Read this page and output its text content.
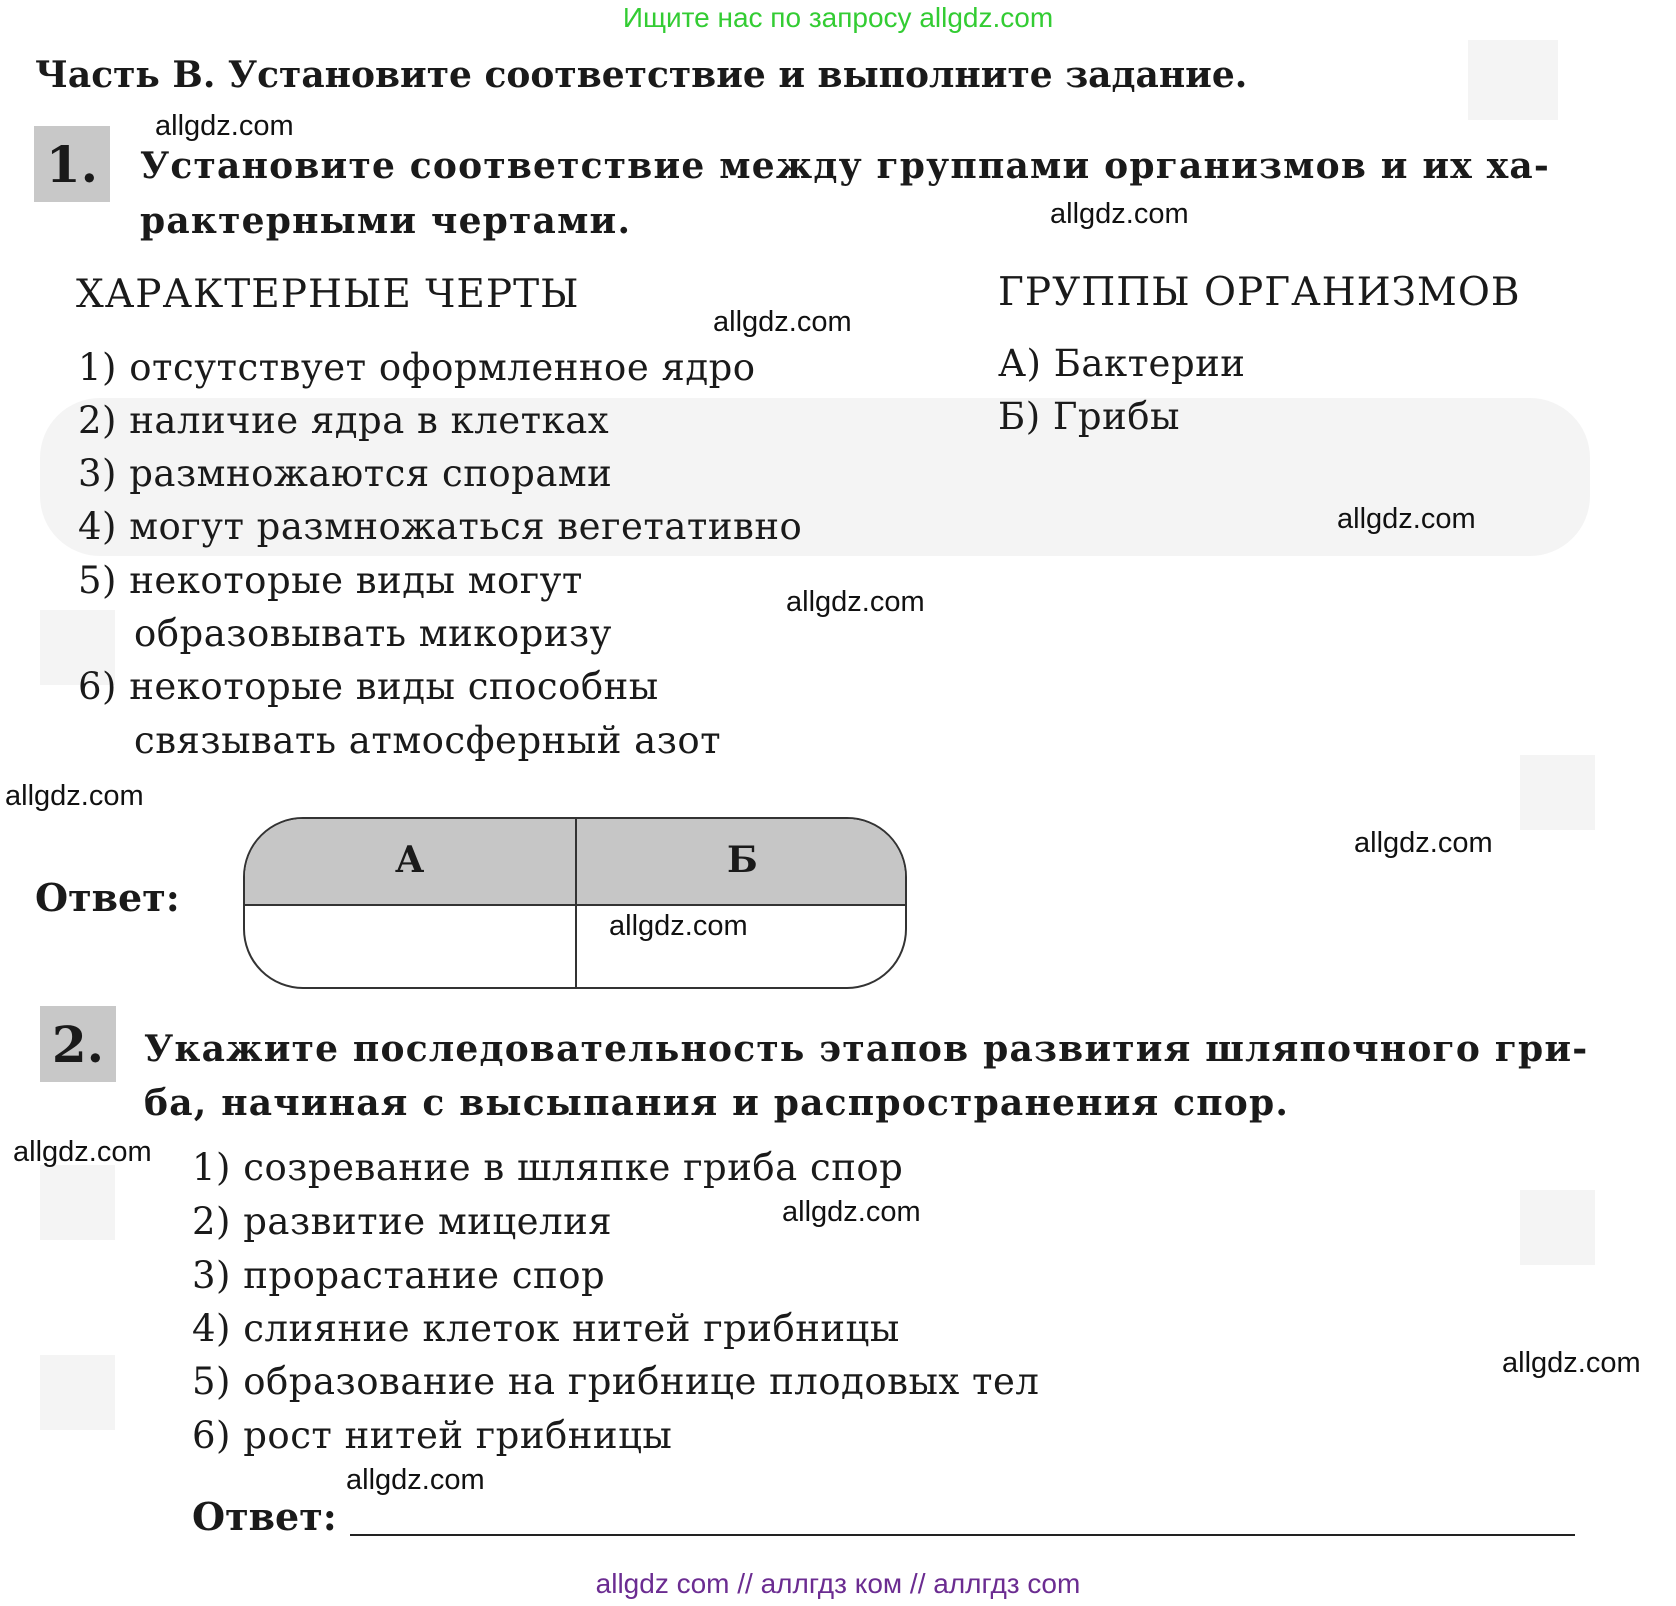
Ищите нас по запросу allgdz.com
Часть В. Установите соответствие и выполните задание.
1.	Установите соответствие между группами организмов и их ха-
рактерными чертами.
ХАРАКТЕРНЫЕ ЧЕРТЫ	ГРУППЫ ОРГАНИЗМОВ
1) отсутствует оформленное ядро
2) наличие ядра в клетках
3) размножаются спорами
4) могут размножаться вегетативно
5) некоторые виды могут
образовывать микоризу
6) некоторые виды способны
связывать атмосферный азот
А) Бактерии
Б) Грибы
Ответ:
А	Б
2.	Укажите последовательность этапов развития шляпочного гри-
ба, начиная с высыпания и распространения спор.
1) созревание в шляпке гриба спор
2) развитие мицелия
3) прорастание спор
4) слияние клеток нитей грибницы
5) образование на грибнице плодовых тел
6) рост нитей грибницы
Ответ:
allgdz.com
allgdz.com
allgdz.com
allgdz.com
allgdz.com
allgdz.com
allgdz.com
allgdz.com
allgdz.com
allgdz.com
allgdz.com
allgdz.com
allgdz com // аллгдз ком // аллгдз com
